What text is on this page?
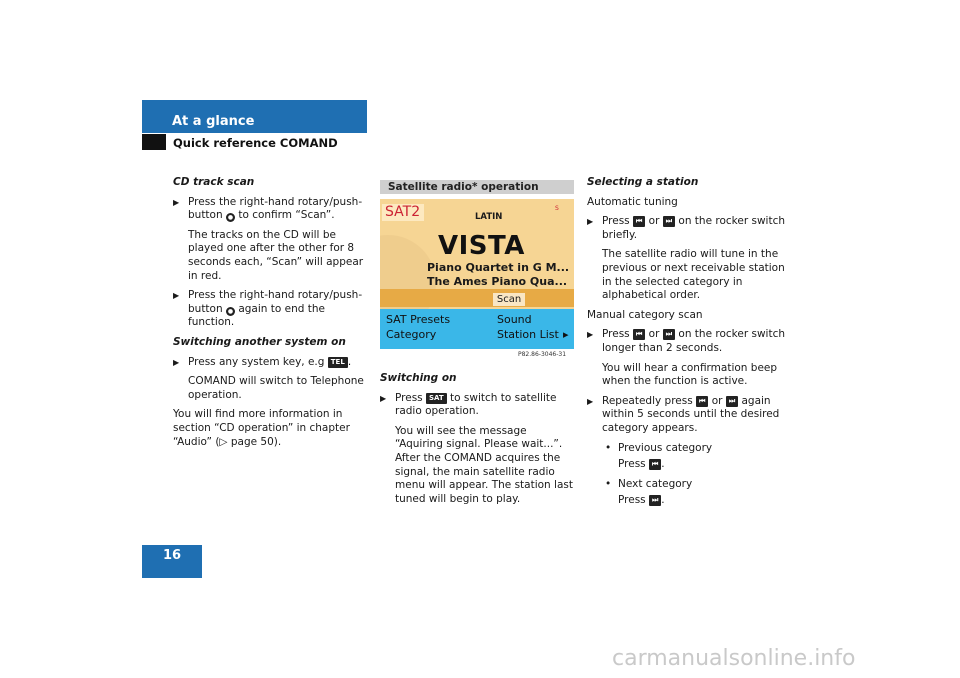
At a glance
Quick reference COMAND
CD track scan
▶ Press the right-hand rotary/push-button ● to confirm “Scan”.
The tracks on the CD will be played one after the other for 8 seconds each, “Scan” will appear in red.
▶ Press the right-hand rotary/push-button ● again to end the function.
Switching another system on
▶ Press any system key, e.g TEL .
COMAND will switch to Telephone operation.
You will find more information in section “CD operation” in chapter “Audio” (▷ page 50).
Satellite radio* operation
SAT2	LATIN
S
VISTA
Piano Quartet in G M...
The Ames Piano Qua...
Scan
SAT Presets	Sound
Category	Station List ▸
P82.86-3046-31
Switching on
▶ Press SAT to switch to satellite radio operation.
You will see the message “Aquiring signal. Please wait...”. After the COMAND acquires the signal, the main satellite radio menu will appear. The station last tuned will begin to play.
Selecting a station
Automatic tuning
▶ Press ⏮ or ⏭ on the rocker switch briefly.
The satellite radio will tune in the previous or next receivable station in the selected category in alphabetical order.
Manual category scan
▶ Press ⏮ or ⏭ on the rocker switch longer than 2 seconds.
You will hear a confirmation beep when the function is active.
▶ Repeatedly press ⏮ or ⏭ again within 5 seconds until the desired category appears.
• Previous category
Press ⏮ .
• Next category
Press ⏭ .
16
carmanualsonline.info
